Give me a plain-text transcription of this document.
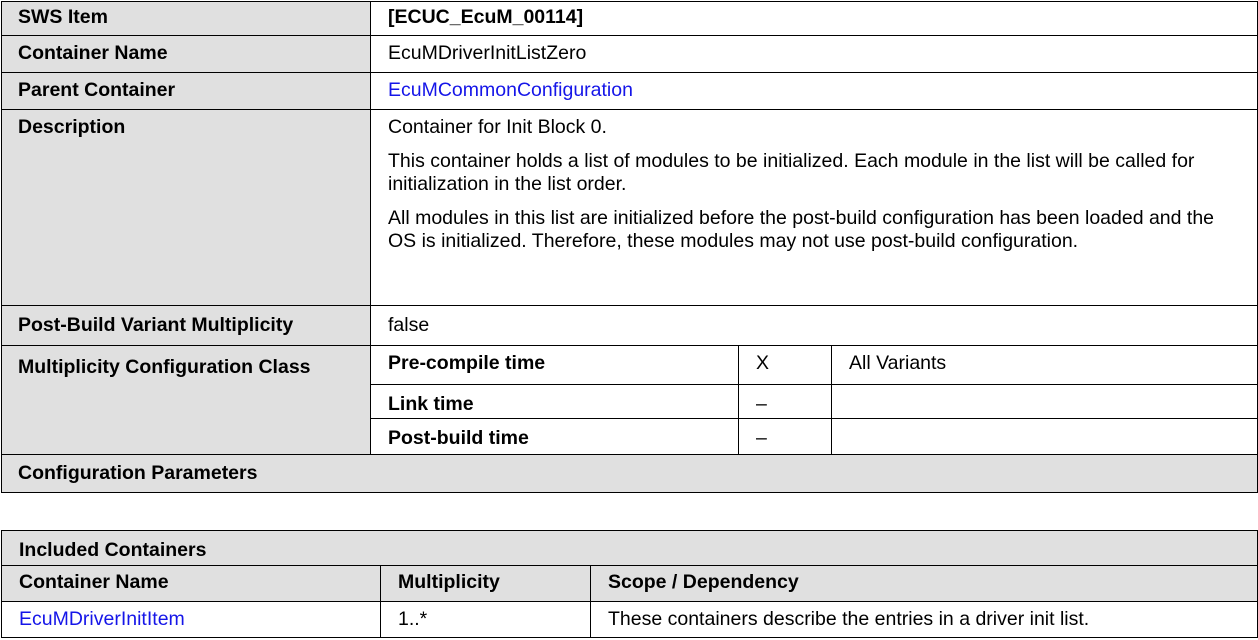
SWS Item	[ECUC_EcuM_00114]		
Container Name	EcuMDriverInitListZero		
Parent Container	EcuMCommonConfiguration		
Description	Container for Init Block 0.

This container holds a list of modules to be initialized. Each module in the list will be called for initialization in the list order.

All modules in this list are initialized before the post-build configuration has been loaded and the OS is initialized. Therefore, these modules may not use post-build configuration.		

Post-Build Variant Multiplicity	false		
Multiplicity Configuration Class	Pre-compile time	X	All Variants
	Link time	–	
	Post-build time	–	
Configuration Parameters			
Included Containers		
Container Name	Multiplicity	Scope / Dependency
EcuMDriverInitItem	1..*	These containers describe the entries in a driver init list.
